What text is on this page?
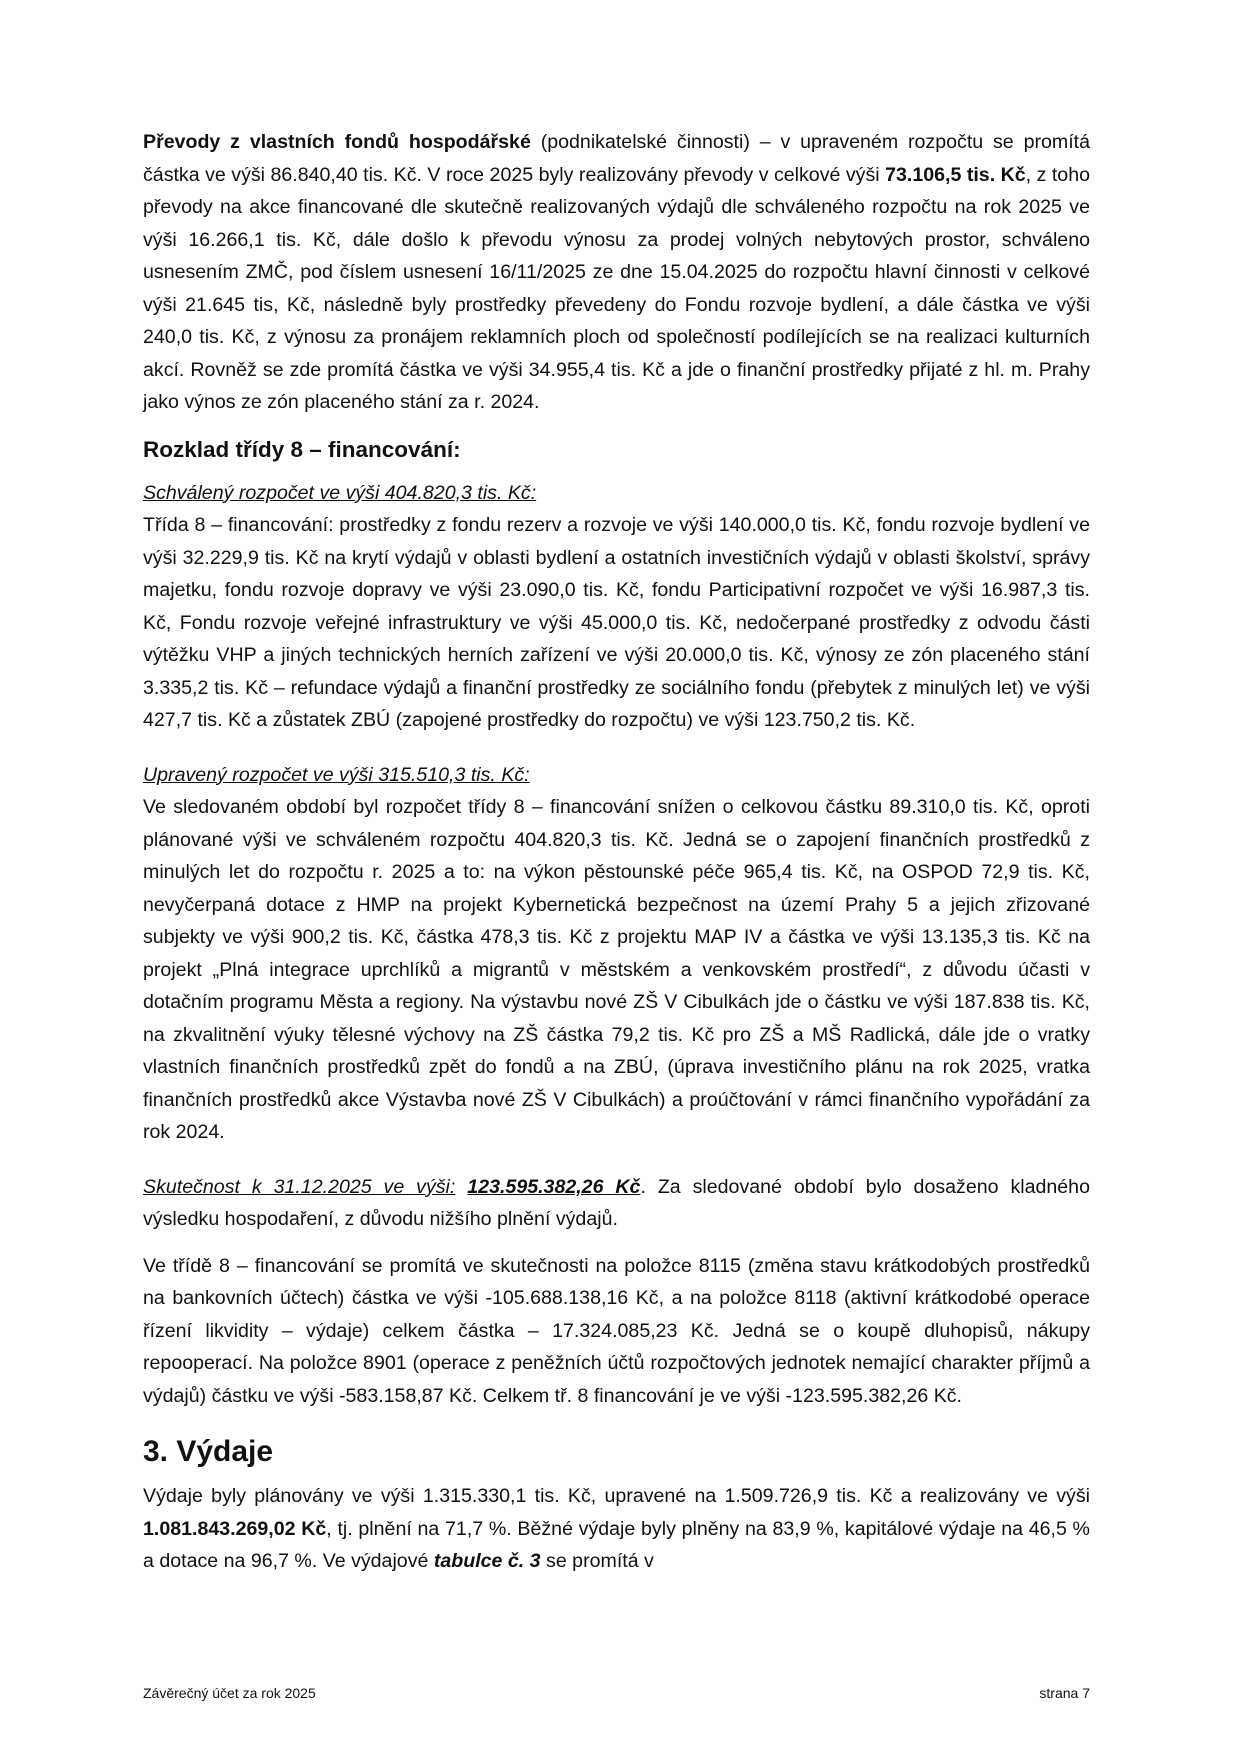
Převody z vlastních fondů hospodářské (podnikatelské činnosti) – v upraveném rozpočtu se promítá částka ve výši 86.840,40 tis. Kč. V roce 2025 byly realizovány převody v celkové výši 73.106,5 tis. Kč, z toho převody na akce financované dle skutečně realizovaných výdajů dle schváleného rozpočtu na rok 2025 ve výši 16.266,1 tis. Kč, dále došlo k převodu výnosu za prodej volných nebytových prostor, schváleno usnesením ZMČ, pod číslem usnesení 16/11/2025 ze dne 15.04.2025 do rozpočtu hlavní činnosti v celkové výši 21.645 tis, Kč, následně byly prostředky převedeny do Fondu rozvoje bydlení, a dále částka ve výši 240,0 tis. Kč, z výnosu za pronájem reklamních ploch od společností podílejících se na realizaci kulturních akcí. Rovněž se zde promítá částka ve výši 34.955,4 tis. Kč a jde o finanční prostředky přijaté z hl. m. Prahy jako výnos ze zón placeného stání za r. 2024.

Rozklad třídy 8 – financování:

Schválený rozpočet ve výši 404.820,3 tis. Kč:
Třída 8 – financování: prostředky z fondu rezerv a rozvoje ve výši 140.000,0 tis. Kč, fondu rozvoje bydlení ve výši 32.229,9 tis. Kč na krytí výdajů v oblasti bydlení a ostatních investičních výdajů v oblasti školství, správy majetku, fondu rozvoje dopravy ve výši 23.090,0 tis. Kč, fondu Participativní rozpočet ve výši 16.987,3 tis. Kč, Fondu rozvoje veřejné infrastruktury ve výši 45.000,0 tis. Kč, nedočerpané prostředky z odvodu části výtěžku VHP a jiných technických herních zařízení ve výši 20.000,0 tis. Kč, výnosy ze zón placeného stání 3.335,2 tis. Kč – refundace výdajů a finanční prostředky ze sociálního fondu (přebytek z minulých let) ve výši 427,7 tis. Kč a zůstatek ZBÚ (zapojené prostředky do rozpočtu) ve výši 123.750,2 tis. Kč.

Upravený rozpočet ve výši 315.510,3 tis. Kč:
Ve sledovaném období byl rozpočet třídy 8 – financování snížen o celkovou částku 89.310,0 tis. Kč, oproti plánované výši ve schváleném rozpočtu 404.820,3 tis. Kč. Jedná se o zapojení finančních prostředků z minulých let do rozpočtu r. 2025 a to: na výkon pěstounské péče 965,4 tis. Kč, na OSPOD 72,9 tis. Kč, nevyčerpaná dotace z HMP na projekt Kybernetická bezpečnost na území Prahy 5 a jejich zřizované subjekty ve výši 900,2 tis. Kč, částka 478,3 tis. Kč z projektu MAP IV a částka ve výši 13.135,3 tis. Kč na projekt „Plná integrace uprchlíků a migrantů v městském a venkovském prostředí“, z důvodu účasti v dotačním programu Města a regiony. Na výstavbu nové ZŠ V Cibulkách jde o částku ve výši 187.838 tis. Kč, na zkvalitnění výuky tělesné výchovy na ZŠ částka 79,2 tis. Kč pro ZŠ a MŠ Radlická, dále jde o vratky vlastních finančních prostředků zpět do fondů a na ZBÚ, (úprava investičního plánu na rok 2025, vratka finančních prostředků akce Výstavba nové ZŠ V Cibulkách) a proúčtování v rámci finančního vypořádání za rok 2024.

Skutečnost k 31.12.2025 ve výši: 123.595.382,26 Kč. Za sledované období bylo dosaženo kladného výsledku hospodaření, z důvodu nižšího plnění výdajů.

Ve třídě 8 – financování se promítá ve skutečnosti na položce 8115 (změna stavu krátkodobých prostředků na bankovních účtech) částka ve výši -105.688.138,16 Kč, a na položce 8118 (aktivní krátkodobé operace řízení likvidity – výdaje) celkem částka – 17.324.085,23 Kč. Jedná se o koupě dluhopisů, nákupy repooperací. Na položce 8901 (operace z peněžních účtů rozpočtových jednotek nemající charakter příjmů a výdajů) částku ve výši -583.158,87 Kč. Celkem tř. 8 financování je ve výši -123.595.382,26 Kč.

3. Výdaje

Výdaje byly plánovány ve výši 1.315.330,1 tis. Kč, upravené na 1.509.726,9 tis. Kč a realizovány ve výši 1.081.843.269,02 Kč, tj. plnění na 71,7 %. Běžné výdaje byly plněny na 83,9 %, kapitálové výdaje na 46,5 % a dotace na 96,7 %. Ve výdajové tabulce č. 3 se promítá v

Závěrečný účet za rok 2025	strana 7
